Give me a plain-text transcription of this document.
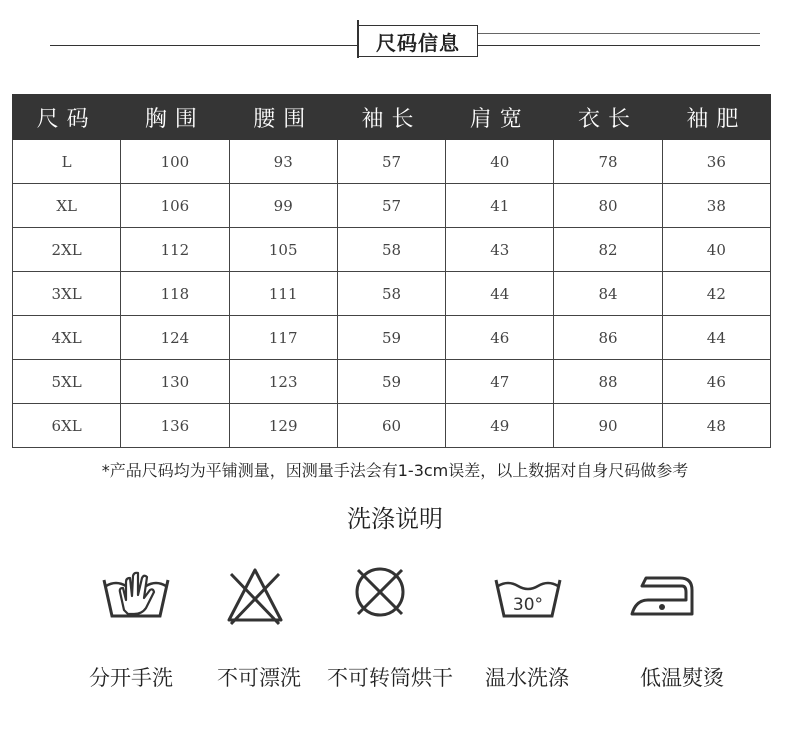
尺码信息
尺码	胸围	腰围	袖长	肩宽	衣长	袖肥
L	100	93	57	40	78	36
XL	106	99	57	41	80	38
2XL	112	105	58	43	82	40
3XL	118	111	58	44	84	42
4XL	124	117	59	46	86	44
5XL	130	123	59	47	88	46
6XL	136	129	60	49	90	48
*产品尺码均为平铺测量，因测量手法会有1-3cm误差，以上数据对自身尺码做参考
洗涤说明
30°
分开手洗	不可漂洗	不可转筒烘干	温水洗涤	低温熨烫
